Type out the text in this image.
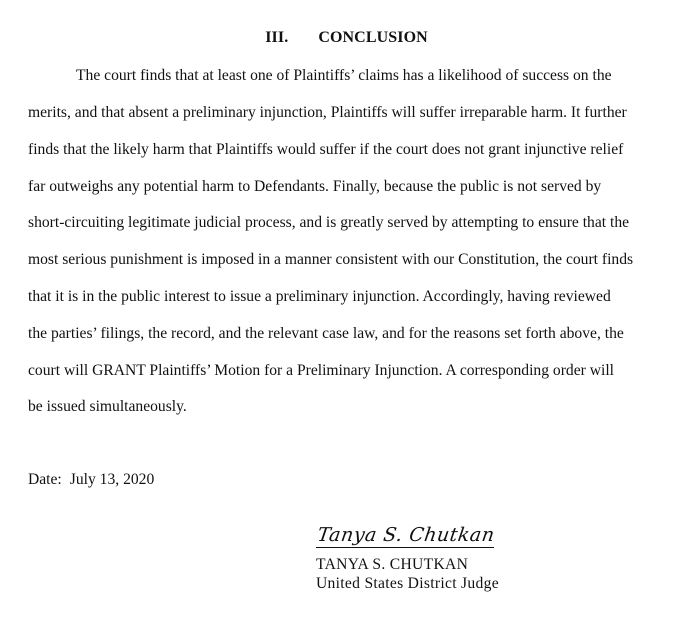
III. CONCLUSION
The court finds that at least one of Plaintiffs’ claims has a likelihood of success on the
merits, and that absent a preliminary injunction, Plaintiffs will suffer irreparable harm. It further
finds that the likely harm that Plaintiffs would suffer if the court does not grant injunctive relief
far outweighs any potential harm to Defendants. Finally, because the public is not served by
short-circuiting legitimate judicial process, and is greatly served by attempting to ensure that the
most serious punishment is imposed in a manner consistent with our Constitution, the court finds
that it is in the public interest to issue a preliminary injunction. Accordingly, having reviewed
the parties’ filings, the record, and the relevant case law, and for the reasons set forth above, the
court will GRANT Plaintiffs’ Motion for a Preliminary Injunction. A corresponding order will
be issued simultaneously.
Date: July 13, 2020
Tanya S. Chutkan
TANYA S. CHUTKAN
United States District Judge
